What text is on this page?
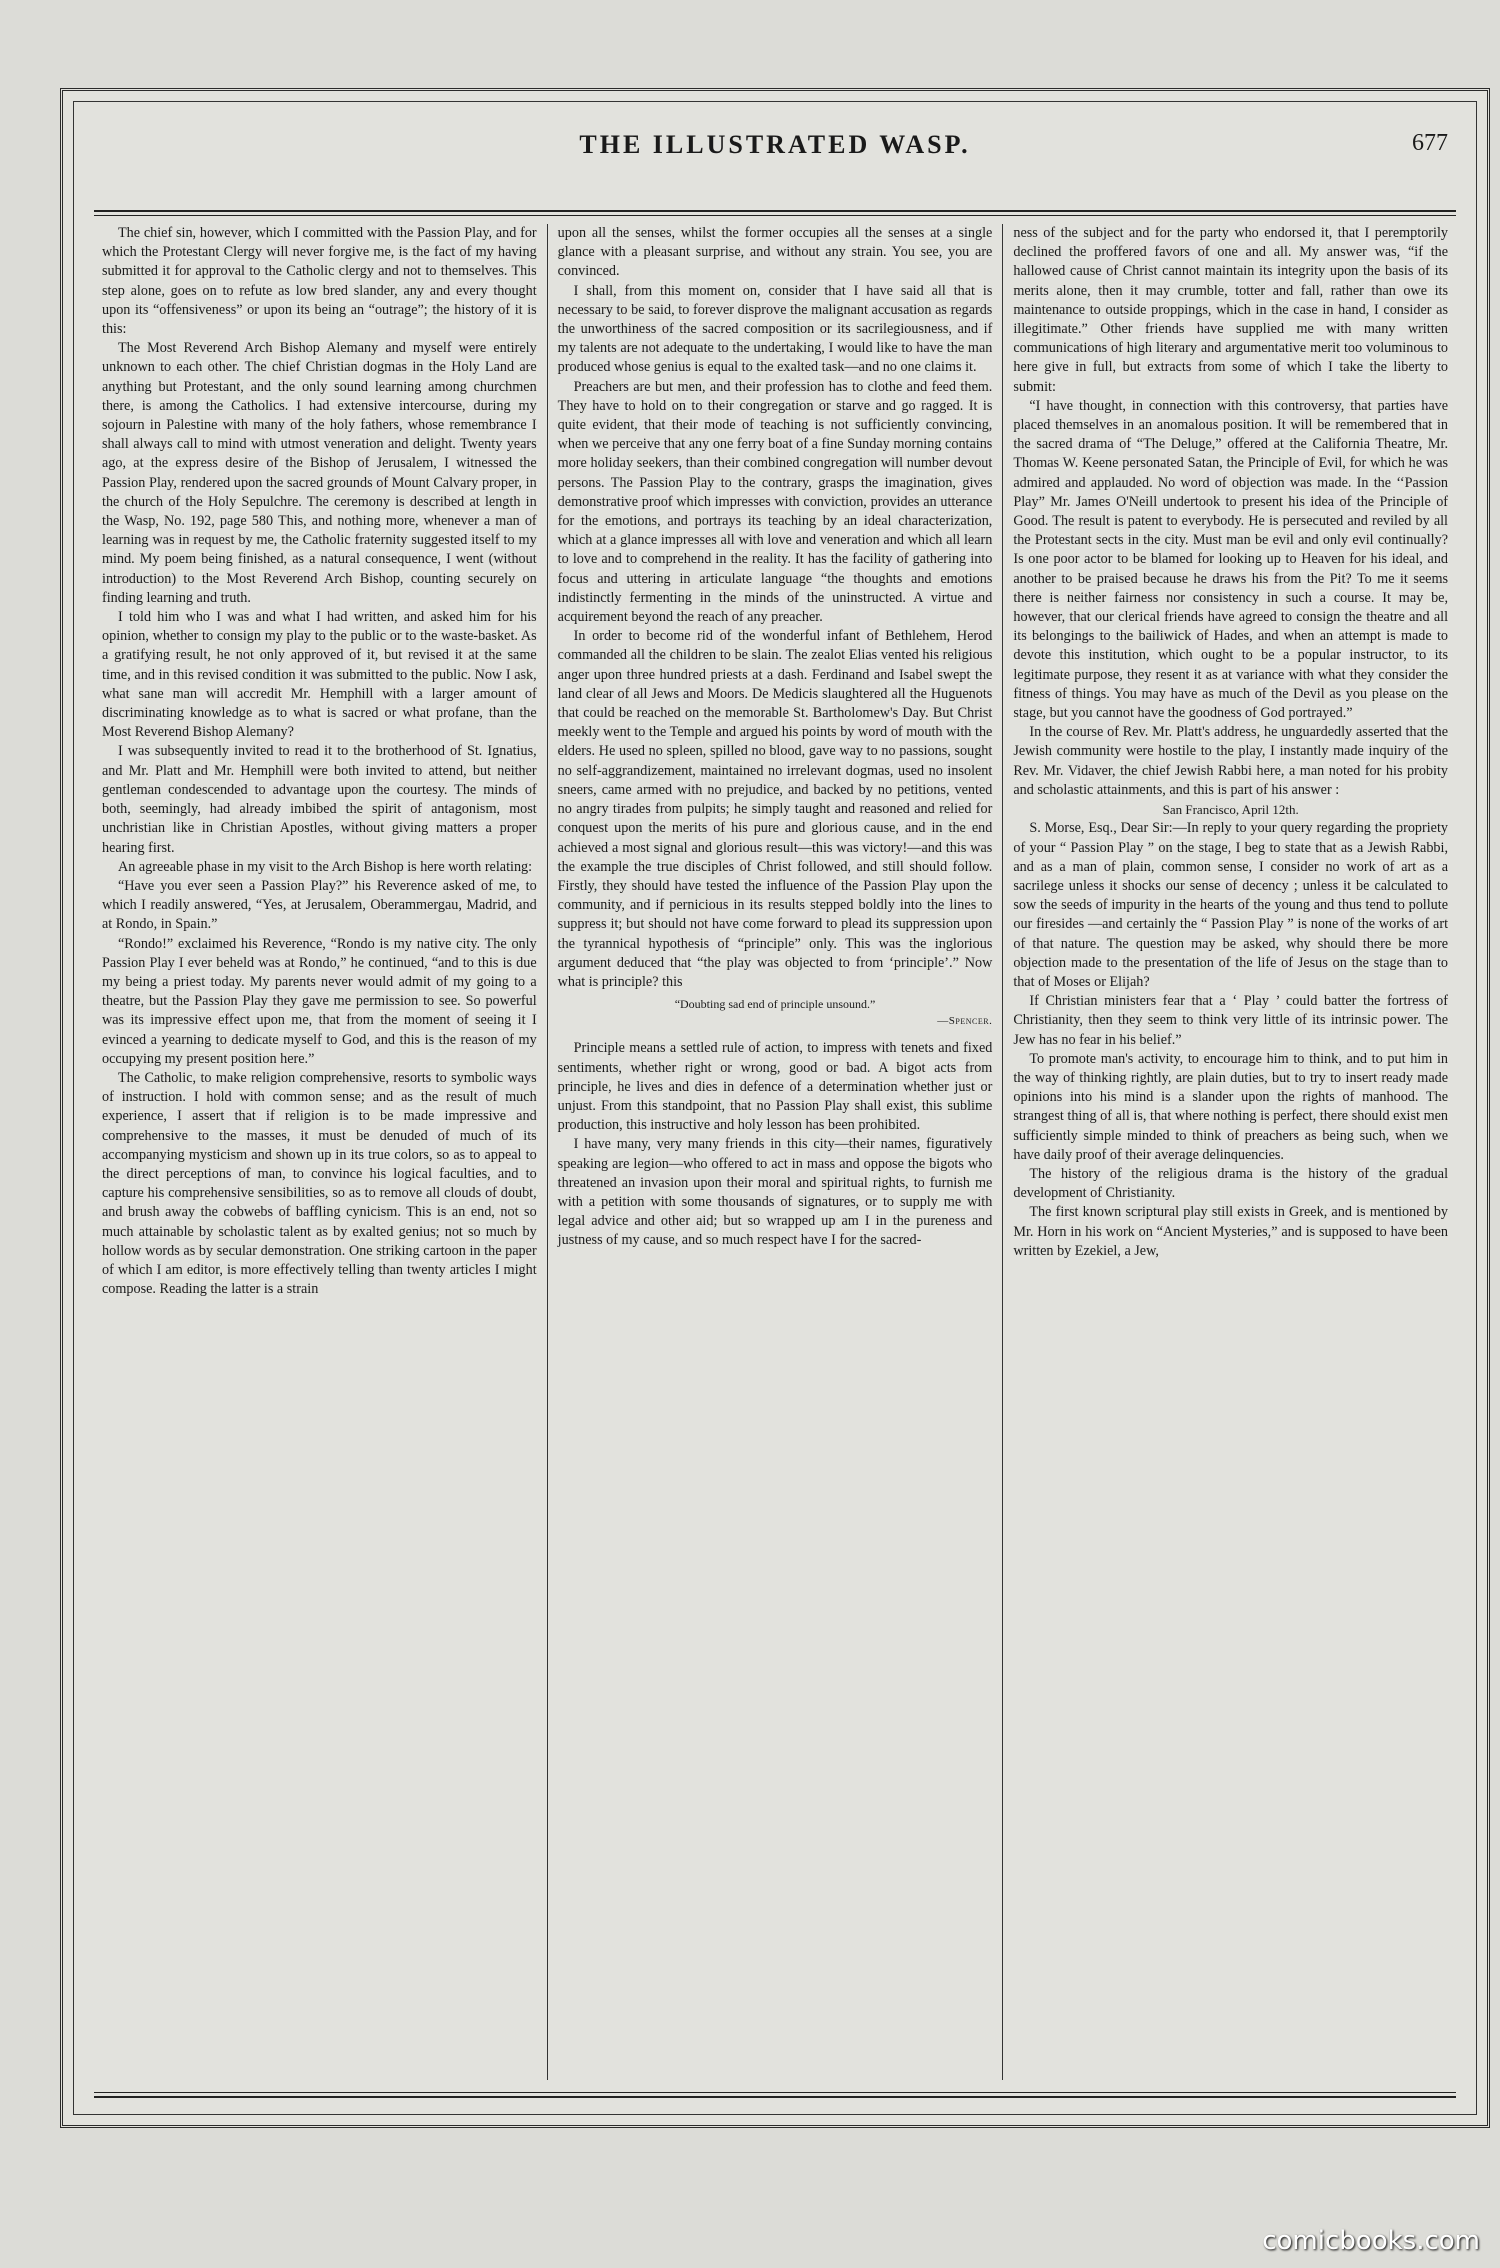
THE ILLUSTRATED WASP.	677

The chief sin, however, which I committed with the Passion Play, and for which the Protestant Clergy will never forgive me, is the fact of my having submitted it for approval to the Catholic clergy and not to themselves. This step alone, goes on to refute as low bred slander, any and every thought upon its “offensiveness” or upon its being an “outrage”; the history of it is this:

The Most Reverend Arch Bishop Alemany and myself were entirely unknown to each other. The chief Christian dogmas in the Holy Land are anything but Protestant, and the only sound learning among churchmen there, is among the Catholics. I had extensive intercourse, during my sojourn in Palestine with many of the holy fathers, whose remembrance I shall always call to mind with utmost veneration and delight. Twenty years ago, at the express desire of the Bishop of Jerusalem, I witnessed the Passion Play, rendered upon the sacred grounds of Mount Calvary proper, in the church of the Holy Sepulchre. The ceremony is described at length in the Wasp, No. 192, page 580 This, and nothing more, whenever a man of learning was in request by me, the Catholic fraternity suggested itself to my mind. My poem being finished, as a natural consequence, I went (without introduction) to the Most Reverend Arch Bishop, counting securely on finding learning and truth.

I told him who I was and what I had written, and asked him for his opinion, whether to consign my play to the public or to the waste-basket. As a gratifying result, he not only approved of it, but revised it at the same time, and in this revised condition it was submitted to the public. Now I ask, what sane man will accredit Mr. Hemphill with a larger amount of discriminating knowledge as to what is sacred or what profane, than the Most Reverend Bishop Alemany?

I was subsequently invited to read it to the brotherhood of St. Ignatius, and Mr. Platt and Mr. Hemphill were both invited to attend, but neither gentleman condescended to advantage upon the courtesy. The minds of both, seemingly, had already imbibed the spirit of antagonism, most unchristian like in Christian Apostles, without giving matters a proper hearing first.

An agreeable phase in my visit to the Arch Bishop is here worth relating:

“Have you ever seen a Passion Play?” his Reverence asked of me, to which I readily answered, “Yes, at Jerusalem, Oberammergau, Madrid, and at Rondo, in Spain.”

“Rondo!” exclaimed his Reverence, “Rondo is my native city. The only Passion Play I ever beheld was at Rondo,” he continued, “and to this is due my being a priest today. My parents never would admit of my going to a theatre, but the Passion Play they gave me permission to see. So powerful was its impressive effect upon me, that from the moment of seeing it I evinced a yearning to dedicate myself to God, and this is the reason of my occupying my present position here.”

The Catholic, to make religion comprehensive, resorts to symbolic ways of instruction. I hold with common sense; and as the result of much experience, I assert that if religion is to be made impressive and comprehensive to the masses, it must be denuded of much of its accompanying mysticism and shown up in its true colors, so as to appeal to the direct perceptions of man, to convince his logical faculties, and to capture his comprehensive sensibilities, so as to remove all clouds of doubt, and brush away the cobwebs of baffling cynicism. This is an end, not so much attainable by scholastic talent as by exalted genius; not so much by hollow words as by secular demonstration. One striking cartoon in the paper of which I am editor, is more effectively telling than twenty articles I might compose. Reading the latter is a strain

upon all the senses, whilst the former occupies all the senses at a single glance with a pleasant surprise, and without any strain. You see, you are convinced.

I shall, from this moment on, consider that I have said all that is necessary to be said, to forever disprove the malignant accusation as regards the unworthiness of the sacred composition or its sacrilegiousness, and if my talents are not adequate to the undertaking, I would like to have the man produced whose genius is equal to the exalted task—and no one claims it.

Preachers are but men, and their profession has to clothe and feed them. They have to hold on to their congregation or starve and go ragged. It is quite evident, that their mode of teaching is not sufficiently convincing, when we perceive that any one ferry boat of a fine Sunday morning contains more holiday seekers, than their combined congregation will number devout persons. The Passion Play to the contrary, grasps the imagination, gives demonstrative proof which impresses with conviction, provides an utterance for the emotions, and portrays its teaching by an ideal characterization, which at a glance impresses all with love and veneration and which all learn to love and to comprehend in the reality. It has the facility of gathering into focus and uttering in articulate language “the thoughts and emotions indistinctly fermenting in the minds of the uninstructed. A virtue and acquirement beyond the reach of any preacher.

In order to become rid of the wonderful infant of Bethlehem, Herod commanded all the children to be slain. The zealot Elias vented his religious anger upon three hundred priests at a dash. Ferdinand and Isabel swept the land clear of all Jews and Moors. De Medicis slaughtered all the Huguenots that could be reached on the memorable St. Bartholomew's Day. But Christ meekly went to the Temple and argued his points by word of mouth with the elders. He used no spleen, spilled no blood, gave way to no passions, sought no self-aggrandizement, maintained no irrelevant dogmas, used no insolent sneers, came armed with no prejudice, and backed by no petitions, vented no angry tirades from pulpits; he simply taught and reasoned and relied for conquest upon the merits of his pure and glorious cause, and in the end achieved a most signal and glorious result—this was victory!—and this was the example the true disciples of Christ followed, and still should follow. Firstly, they should have tested the influence of the Passion Play upon the community, and if pernicious in its results stepped boldly into the lines to suppress it; but should not have come forward to plead its suppression upon the tyrannical hypothesis of “principle” only. This was the inglorious argument deduced that “the play was objected to from ‘principle’.” Now what is principle? this

“Doubting sad end of principle unsound.”

—Spencer.

Principle means a settled rule of action, to impress with tenets and fixed sentiments, whether right or wrong, good or bad. A bigot acts from principle, he lives and dies in defence of a determination whether just or unjust. From this standpoint, that no Passion Play shall exist, this sublime production, this instructive and holy lesson has been prohibited.

I have many, very many friends in this city—their names, figuratively speaking are legion—who offered to act in mass and oppose the bigots who threatened an invasion upon their moral and spiritual rights, to furnish me with a petition with some thousands of signatures, or to supply me with legal advice and other aid; but so wrapped up am I in the pureness and justness of my cause, and so much respect have I for the sacred-

ness of the subject and for the party who endorsed it, that I peremptorily declined the proffered favors of one and all. My answer was, “if the hallowed cause of Christ cannot maintain its integrity upon the basis of its merits alone, then it may crumble, totter and fall, rather than owe its maintenance to outside proppings, which in the case in hand, I consider as illegitimate.” Other friends have supplied me with many written communications of high literary and argumentative merit too voluminous to here give in full, but extracts from some of which I take the liberty to submit:

“I have thought, in connection with this controversy, that parties have placed themselves in an anomalous position. It will be remembered that in the sacred drama of “The Deluge,” offered at the California Theatre, Mr. Thomas W. Keene personated Satan, the Principle of Evil, for which he was admired and applauded. No word of objection was made. In the ‘‘Passion Play” Mr. James O'Neill undertook to present his idea of the Principle of Good. The result is patent to everybody. He is persecuted and reviled by all the Protestant sects in the city. Must man be evil and only evil continually? Is one poor actor to be blamed for looking up to Heaven for his ideal, and another to be praised because he draws his from the Pit? To me it seems there is neither fairness nor consistency in such a course. It may be, however, that our clerical friends have agreed to consign the theatre and all its belongings to the bailiwick of Hades, and when an attempt is made to devote this institution, which ought to be a popular instructor, to its legitimate purpose, they resent it as at variance with what they consider the fitness of things. You may have as much of the Devil as you please on the stage, but you cannot have the goodness of God portrayed.”

In the course of Rev. Mr. Platt's address, he unguardedly asserted that the Jewish community were hostile to the play, I instantly made inquiry of the Rev. Mr. Vidaver, the chief Jewish Rabbi here, a man noted for his probity and scholastic attainments, and this is part of his answer :

San Francisco, April 12th.

S. Morse, Esq., Dear Sir:—In reply to your query regarding the propriety of your “ Passion Play ” on the stage, I beg to state that as a Jewish Rabbi, and as a man of plain, common sense, I consider no work of art as a sacrilege unless it shocks our sense of decency ; unless it be calculated to sow the seeds of impurity in the hearts of the young and thus tend to pollute our firesides —and certainly the “ Passion Play ” is none of the works of art of that nature. The question may be asked, why should there be more objection made to the presentation of the life of Jesus on the stage than to that of Moses or Elijah?

If Christian ministers fear that a ‘ Play ’ could batter the fortress of Christianity, then they seem to think very little of its intrinsic power. The Jew has no fear in his belief.”

To promote man's activity, to encourage him to think, and to put him in the way of thinking rightly, are plain duties, but to try to insert ready made opinions into his mind is a slander upon the rights of manhood. The strangest thing of all is, that where nothing is perfect, there should exist men sufficiently simple minded to think of preachers as being such, when we have daily proof of their average delinquencies.

The history of the religious drama is the history of the gradual development of Christianity.

The first known scriptural play still exists in Greek, and is mentioned by Mr. Horn in his work on “Ancient Mysteries,” and is supposed to have been written by Ezekiel, a Jew,

comicbooks.com
